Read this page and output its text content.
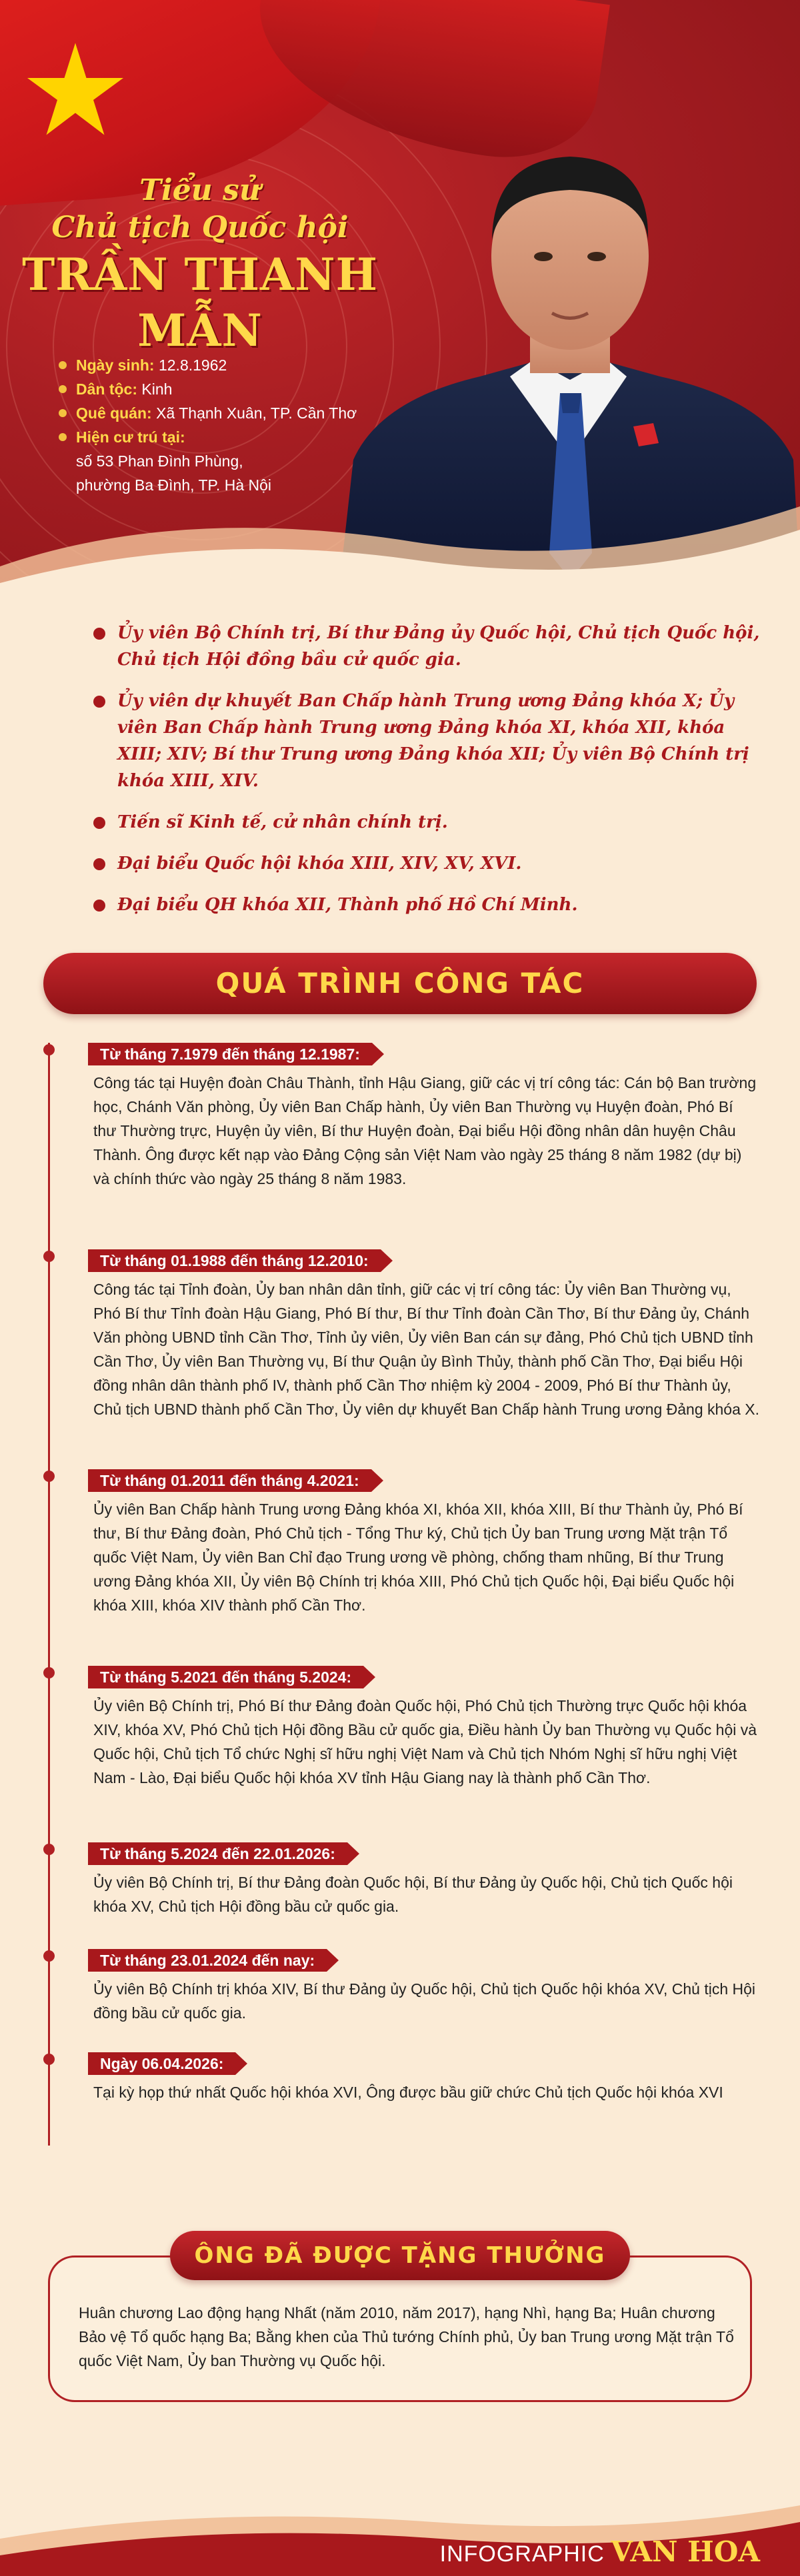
Tiểu sử
Chủ tịch Quốc hội
TRẦN THANH MẪN
Ngày sinh: 12.8.1962
Dân tộc: Kinh
Quê quán: Xã Thạnh Xuân, TP. Cần Thơ
Hiện cư trú tại:
số 53 Phan Đình Phùng,
phường Ba Đình, TP. Hà Nội
Ủy viên Bộ Chính trị, Bí thư Đảng ủy Quốc hội, Chủ tịch Quốc hội, Chủ tịch Hội đồng bầu cử quốc gia.
Ủy viên dự khuyết Ban Chấp hành Trung ương Đảng khóa X; Ủy viên Ban Chấp hành Trung ương Đảng khóa XI, khóa XII, khóa XIII; XIV; Bí thư Trung ương Đảng khóa XII; Ủy viên Bộ Chính trị khóa XIII, XIV.
Tiến sĩ Kinh tế, cử nhân chính trị.
Đại biểu Quốc hội khóa XIII, XIV, XV, XVI.
Đại biểu QH khóa XII, Thành phố Hồ Chí Minh.
QUÁ TRÌNH CÔNG TÁC
Từ tháng 7.1979 đến tháng 12.1987:
Công tác tại Huyện đoàn Châu Thành, tỉnh Hậu Giang, giữ các vị trí công tác: Cán bộ Ban trường học, Chánh Văn phòng, Ủy viên Ban Chấp hành, Ủy viên Ban Thường vụ Huyện đoàn, Phó Bí thư Thường trực, Huyện ủy viên, Bí thư Huyện đoàn, Đại biểu Hội đồng nhân dân huyện Châu Thành. Ông được kết nạp vào Đảng Cộng sản Việt Nam vào ngày 25 tháng 8 năm 1982 (dự bị) và chính thức vào ngày 25 tháng 8 năm 1983.
Từ tháng 01.1988 đến tháng 12.2010:
Công tác tại Tỉnh đoàn, Ủy ban nhân dân tỉnh, giữ các vị trí công tác: Ủy viên Ban Thường vụ, Phó Bí thư Tỉnh đoàn Hậu Giang, Phó Bí thư, Bí thư Tỉnh đoàn Cần Thơ, Bí thư Đảng ủy, Chánh Văn phòng UBND tỉnh Cần Thơ, Tỉnh ủy viên, Ủy viên Ban cán sự đảng, Phó Chủ tịch UBND tỉnh Cần Thơ, Ủy viên Ban Thường vụ, Bí thư Quận ủy Bình Thủy, thành phố Cần Thơ, Đại biểu Hội đồng nhân dân thành phố IV, thành phố Cần Thơ nhiệm kỳ 2004 - 2009, Phó Bí thư Thành ủy, Chủ tịch UBND thành phố Cần Thơ, Ủy viên dự khuyết Ban Chấp hành Trung ương Đảng khóa X.
Từ tháng 01.2011 đến tháng 4.2021:
Ủy viên Ban Chấp hành Trung ương Đảng khóa XI, khóa XII, khóa XIII, Bí thư Thành ủy, Phó Bí thư, Bí thư Đảng đoàn, Phó Chủ tịch - Tổng Thư ký, Chủ tịch Ủy ban Trung ương Mặt trận Tổ quốc Việt Nam, Ủy viên Ban Chỉ đạo Trung ương về phòng, chống tham nhũng, Bí thư Trung ương Đảng khóa XII, Ủy viên Bộ Chính trị khóa XIII, Phó Chủ tịch Quốc hội, Đại biểu Quốc hội khóa XIII, khóa XIV thành phố Cần Thơ.
Từ tháng 5.2021 đến tháng 5.2024:
Ủy viên Bộ Chính trị, Phó Bí thư Đảng đoàn Quốc hội, Phó Chủ tịch Thường trực Quốc hội khóa XIV, khóa XV, Phó Chủ tịch Hội đồng Bầu cử quốc gia, Điều hành Ủy ban Thường vụ Quốc hội và Quốc hội, Chủ tịch Tổ chức Nghị sĩ hữu nghị Việt Nam và Chủ tịch Nhóm Nghị sĩ hữu nghị Việt Nam - Lào, Đại biểu Quốc hội khóa XV tỉnh Hậu Giang nay là thành phố Cần Thơ.
Từ tháng 5.2024 đến 22.01.2026:
Ủy viên Bộ Chính trị, Bí thư Đảng đoàn Quốc hội, Bí thư Đảng ủy Quốc hội, Chủ tịch Quốc hội khóa XV, Chủ tịch Hội đồng bầu cử quốc gia.
Từ tháng 23.01.2024 đến nay:
Ủy viên Bộ Chính trị khóa XIV, Bí thư Đảng ủy Quốc hội, Chủ tịch Quốc hội khóa XV, Chủ tịch Hội đồng bầu cử quốc gia.
Ngày 06.04.2026:
Tại kỳ họp thứ nhất Quốc hội khóa XVI, Ông được bầu giữ chức Chủ tịch Quốc hội khóa XVI
ÔNG ĐÃ ĐƯỢC TẶNG THƯỞNG
Huân chương Lao động hạng Nhất (năm 2010, năm 2017), hạng Nhì, hạng Ba; Huân chương Bảo vệ Tổ quốc hạng Ba; Bằng khen của Thủ tướng Chính phủ, Ủy ban Trung ương Mặt trận Tổ quốc Việt Nam, Ủy ban Thường vụ Quốc hội.
INFOGRAPHIC VAN HOA
